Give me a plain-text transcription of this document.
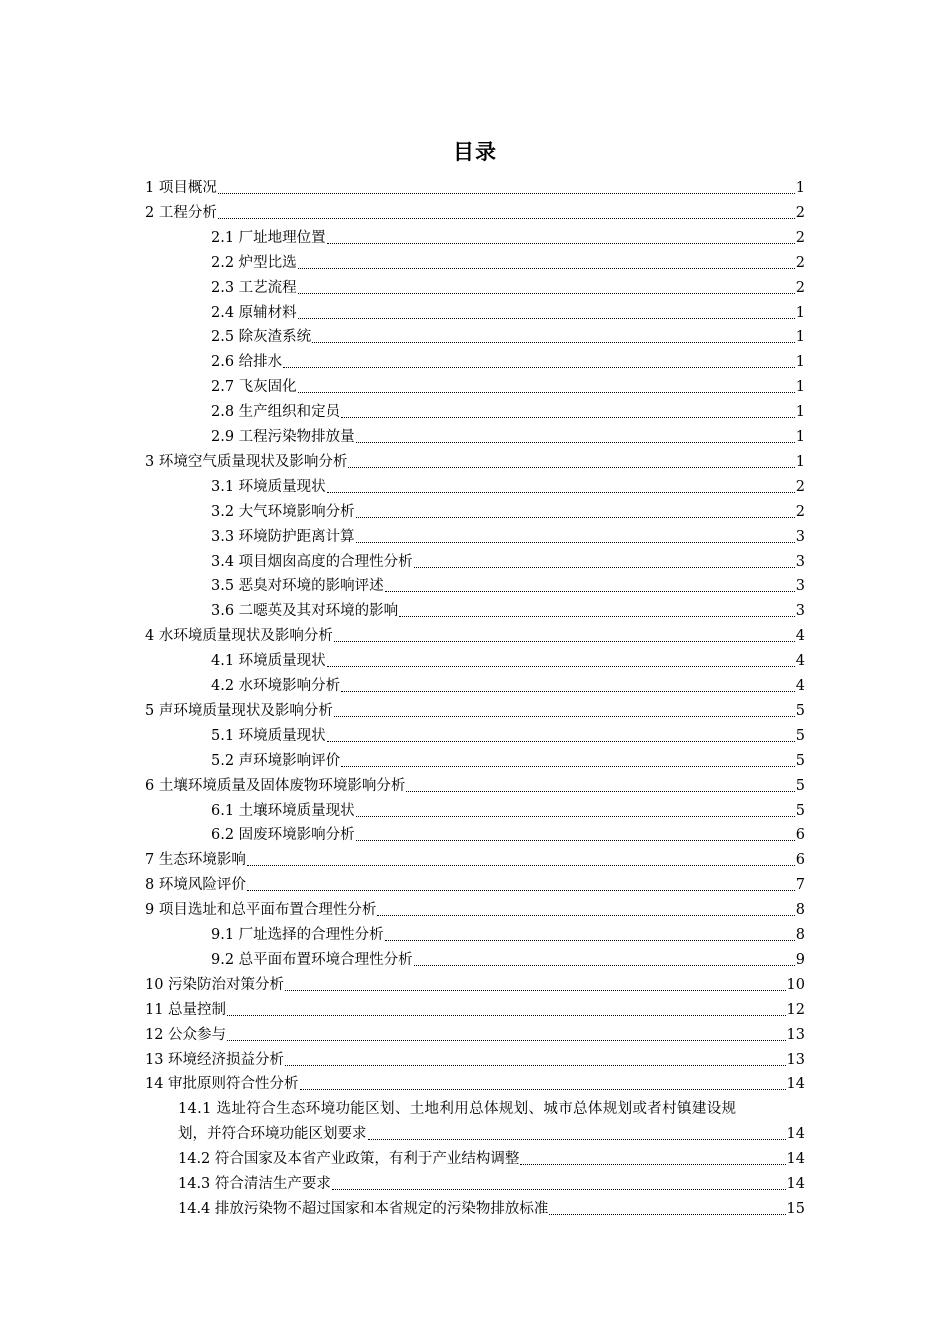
目录
1 项目概况	1
2 工程分析	2
2.1 厂址地理位置	2
2.2 炉型比选	2
2.3 工艺流程	2
2.4 原辅材料	1
2.5 除灰渣系统	1
2.6 给排水	1
2.7 飞灰固化	1
2.8 生产组织和定员	1
2.9 工程污染物排放量	1
3 环境空气质量现状及影响分析	1
3.1 环境质量现状	2
3.2 大气环境影响分析	2
3.3 环境防护距离计算	3
3.4 项目烟囱高度的合理性分析	3
3.5 恶臭对环境的影响评述	3
3.6 二噁英及其对环境的影响	3
4 水环境质量现状及影响分析	4
4.1 环境质量现状	4
4.2 水环境影响分析	4
5 声环境质量现状及影响分析	5
5.1 环境质量现状	5
5.2 声环境影响评价	5
6 土壤环境质量及固体废物环境影响分析	5
6.1 土壤环境质量现状	5
6.2 固废环境影响分析	6
7 生态环境影响	6
8 环境风险评价	7
9 项目选址和总平面布置合理性分析	8
9.1 厂址选择的合理性分析	8
9.2 总平面布置环境合理性分析	9
10 污染防治对策分析	10
11 总量控制	12
12 公众参与	13
13 环境经济损益分析	13
14 审批原则符合性分析	14
14.1 选址符合生态环境功能区划、土地利用总体规划、城市总体规划或者村镇建设规
划，并符合环境功能区划要求	14
14.2 符合国家及本省产业政策，有利于产业结构调整	14
14.3 符合清洁生产要求	14
14.4 排放污染物不超过国家和本省规定的污染物排放标准	15
